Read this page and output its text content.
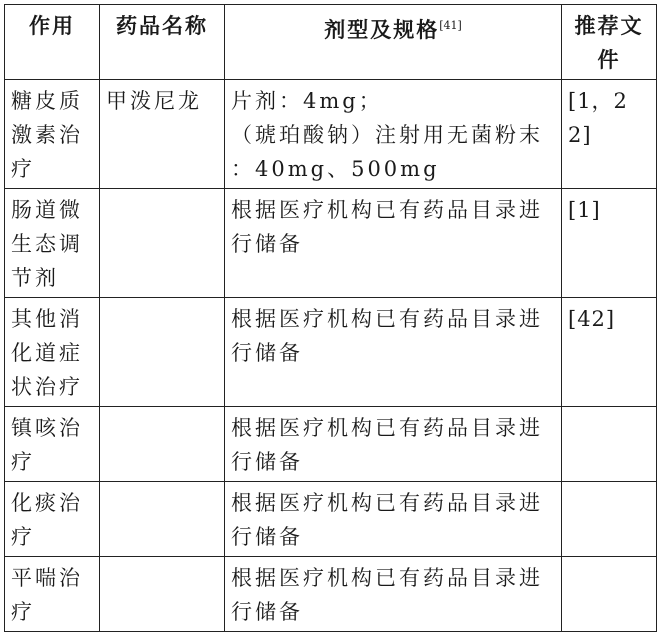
作用	药品名称	剂型及规格[41]	推荐文件
糖皮质激素治疗	甲泼尼龙	片剂：4mg；
（琥珀酸钠）注射用无菌粉末
：40mg、500mg	[1，22]
肠道微生态调节剂		根据医疗机构已有药品目录进行储备	[1]
其他消化道症状治疗		根据医疗机构已有药品目录进行储备	[42]
镇咳治疗		根据医疗机构已有药品目录进行储备	
化痰治疗		根据医疗机构已有药品目录进行储备	
平喘治疗		根据医疗机构已有药品目录进行储备	
